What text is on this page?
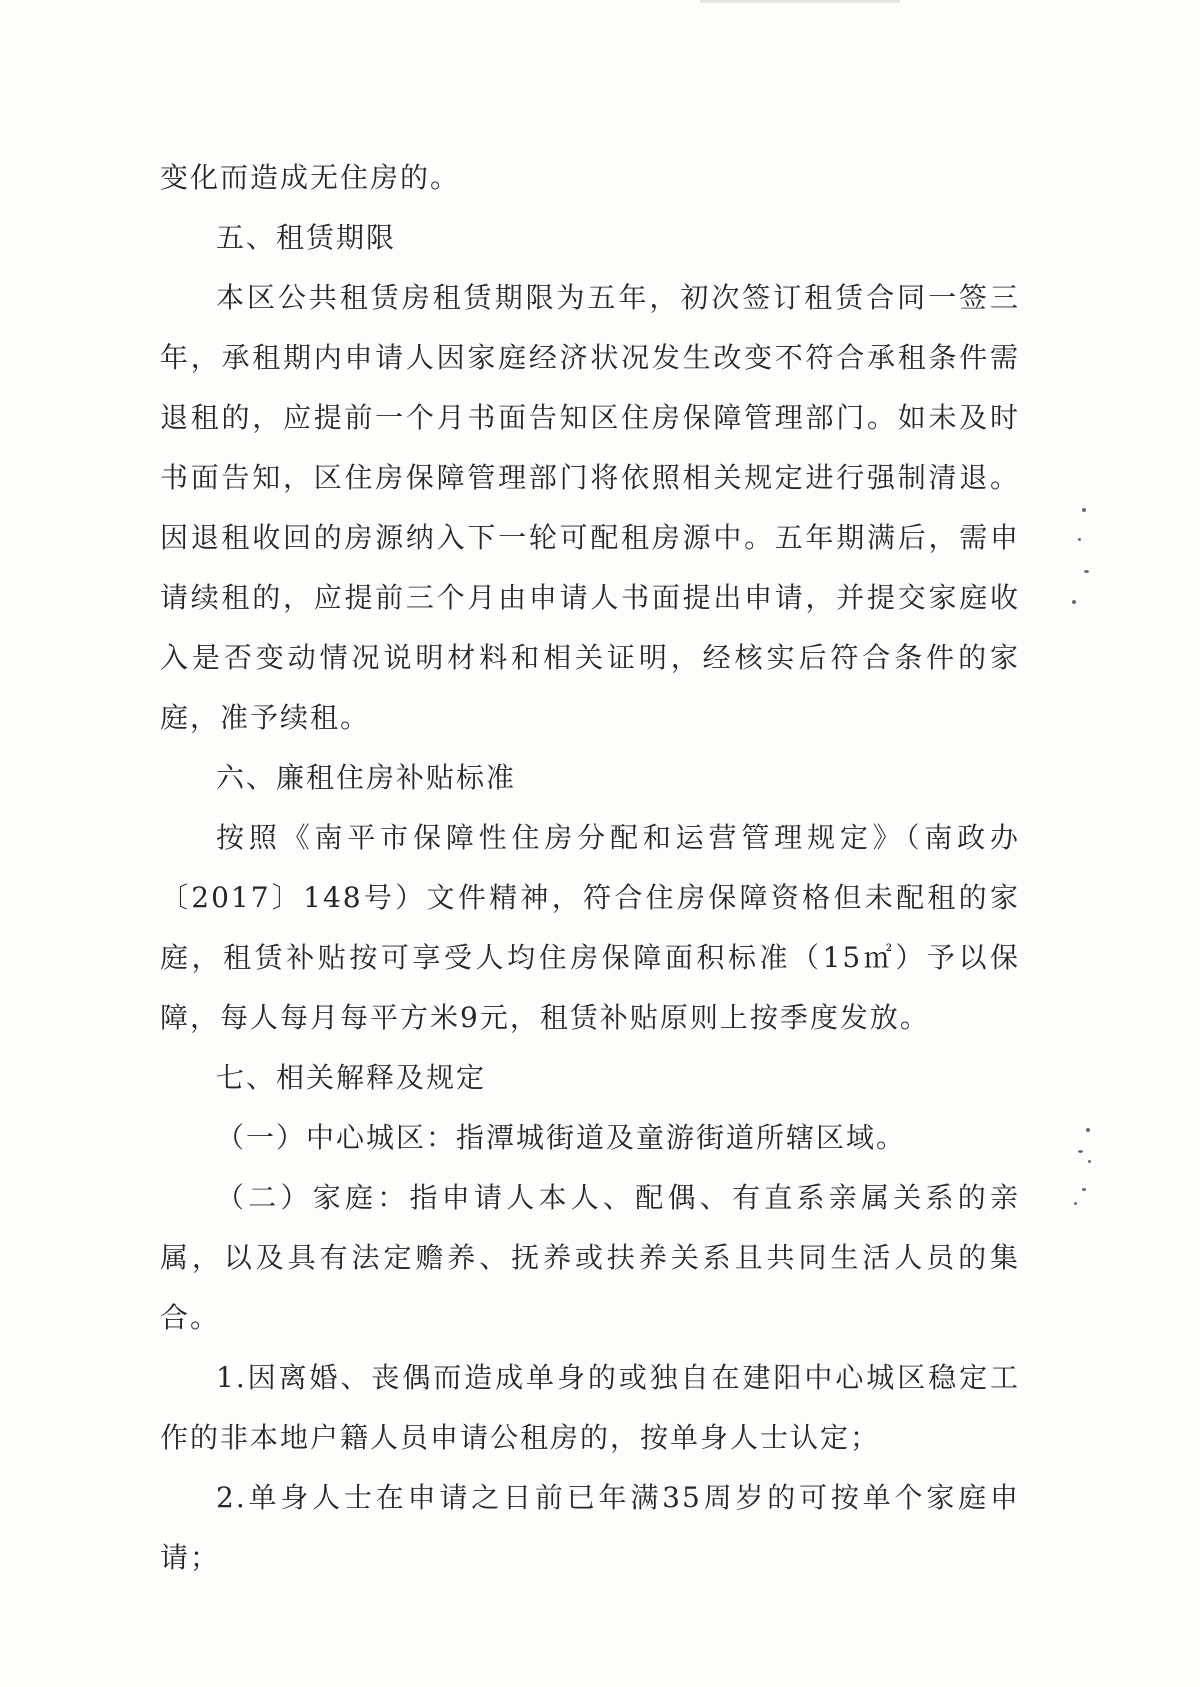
变化而造成无住房的。

五、租赁期限

本区公共租赁房租赁期限为五年，初次签订租赁合同一签三年，承租期内申请人因家庭经济状况发生改变不符合承租条件需退租的，应提前一个月书面告知区住房保障管理部门。如未及时书面告知，区住房保障管理部门将依照相关规定进行强制清退。因退租收回的房源纳入下一轮可配租房源中。五年期满后，需申请续租的，应提前三个月由申请人书面提出申请，并提交家庭收入是否变动情况说明材料和相关证明，经核实后符合条件的家庭，准予续租。

六、廉租住房补贴标准

按照《南平市保障性住房分配和运营管理规定》（南政办〔2017〕148号）文件精神，符合住房保障资格但未配租的家庭，租赁补贴按可享受人均住房保障面积标准（15㎡）予以保障，每人每月每平方米9元，租赁补贴原则上按季度发放。

七、相关解释及规定

（一）中心城区：指潭城街道及童游街道所辖区域。

（二）家庭：指申请人本人、配偶、有直系亲属关系的亲属，以及具有法定赡养、抚养或扶养关系且共同生活人员的集合。

1.因离婚、丧偶而造成单身的或独自在建阳中心城区稳定工作的非本地户籍人员申请公租房的，按单身人士认定；

2.单身人士在申请之日前已年满35周岁的可按单个家庭申请；
